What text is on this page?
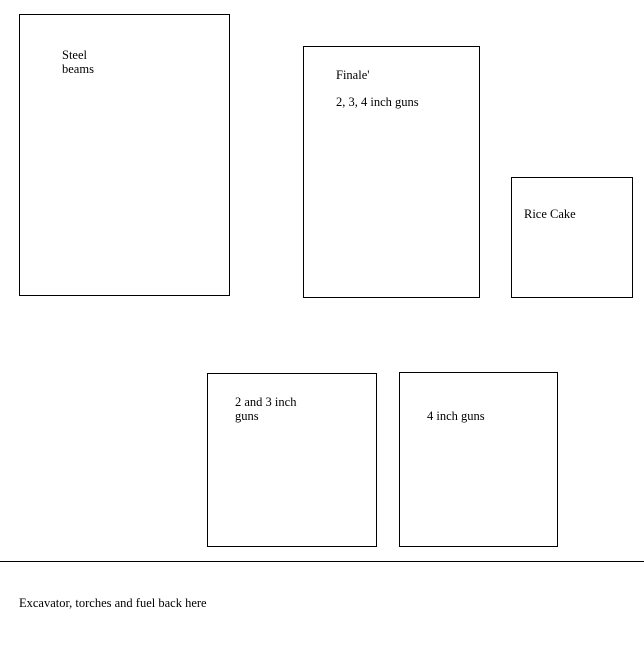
Steel
beams	Finale'
2, 3, 4 inch guns
Rice Cake
2 and 3 inch
guns	4 inch guns
Excavator, torches and fuel back here
